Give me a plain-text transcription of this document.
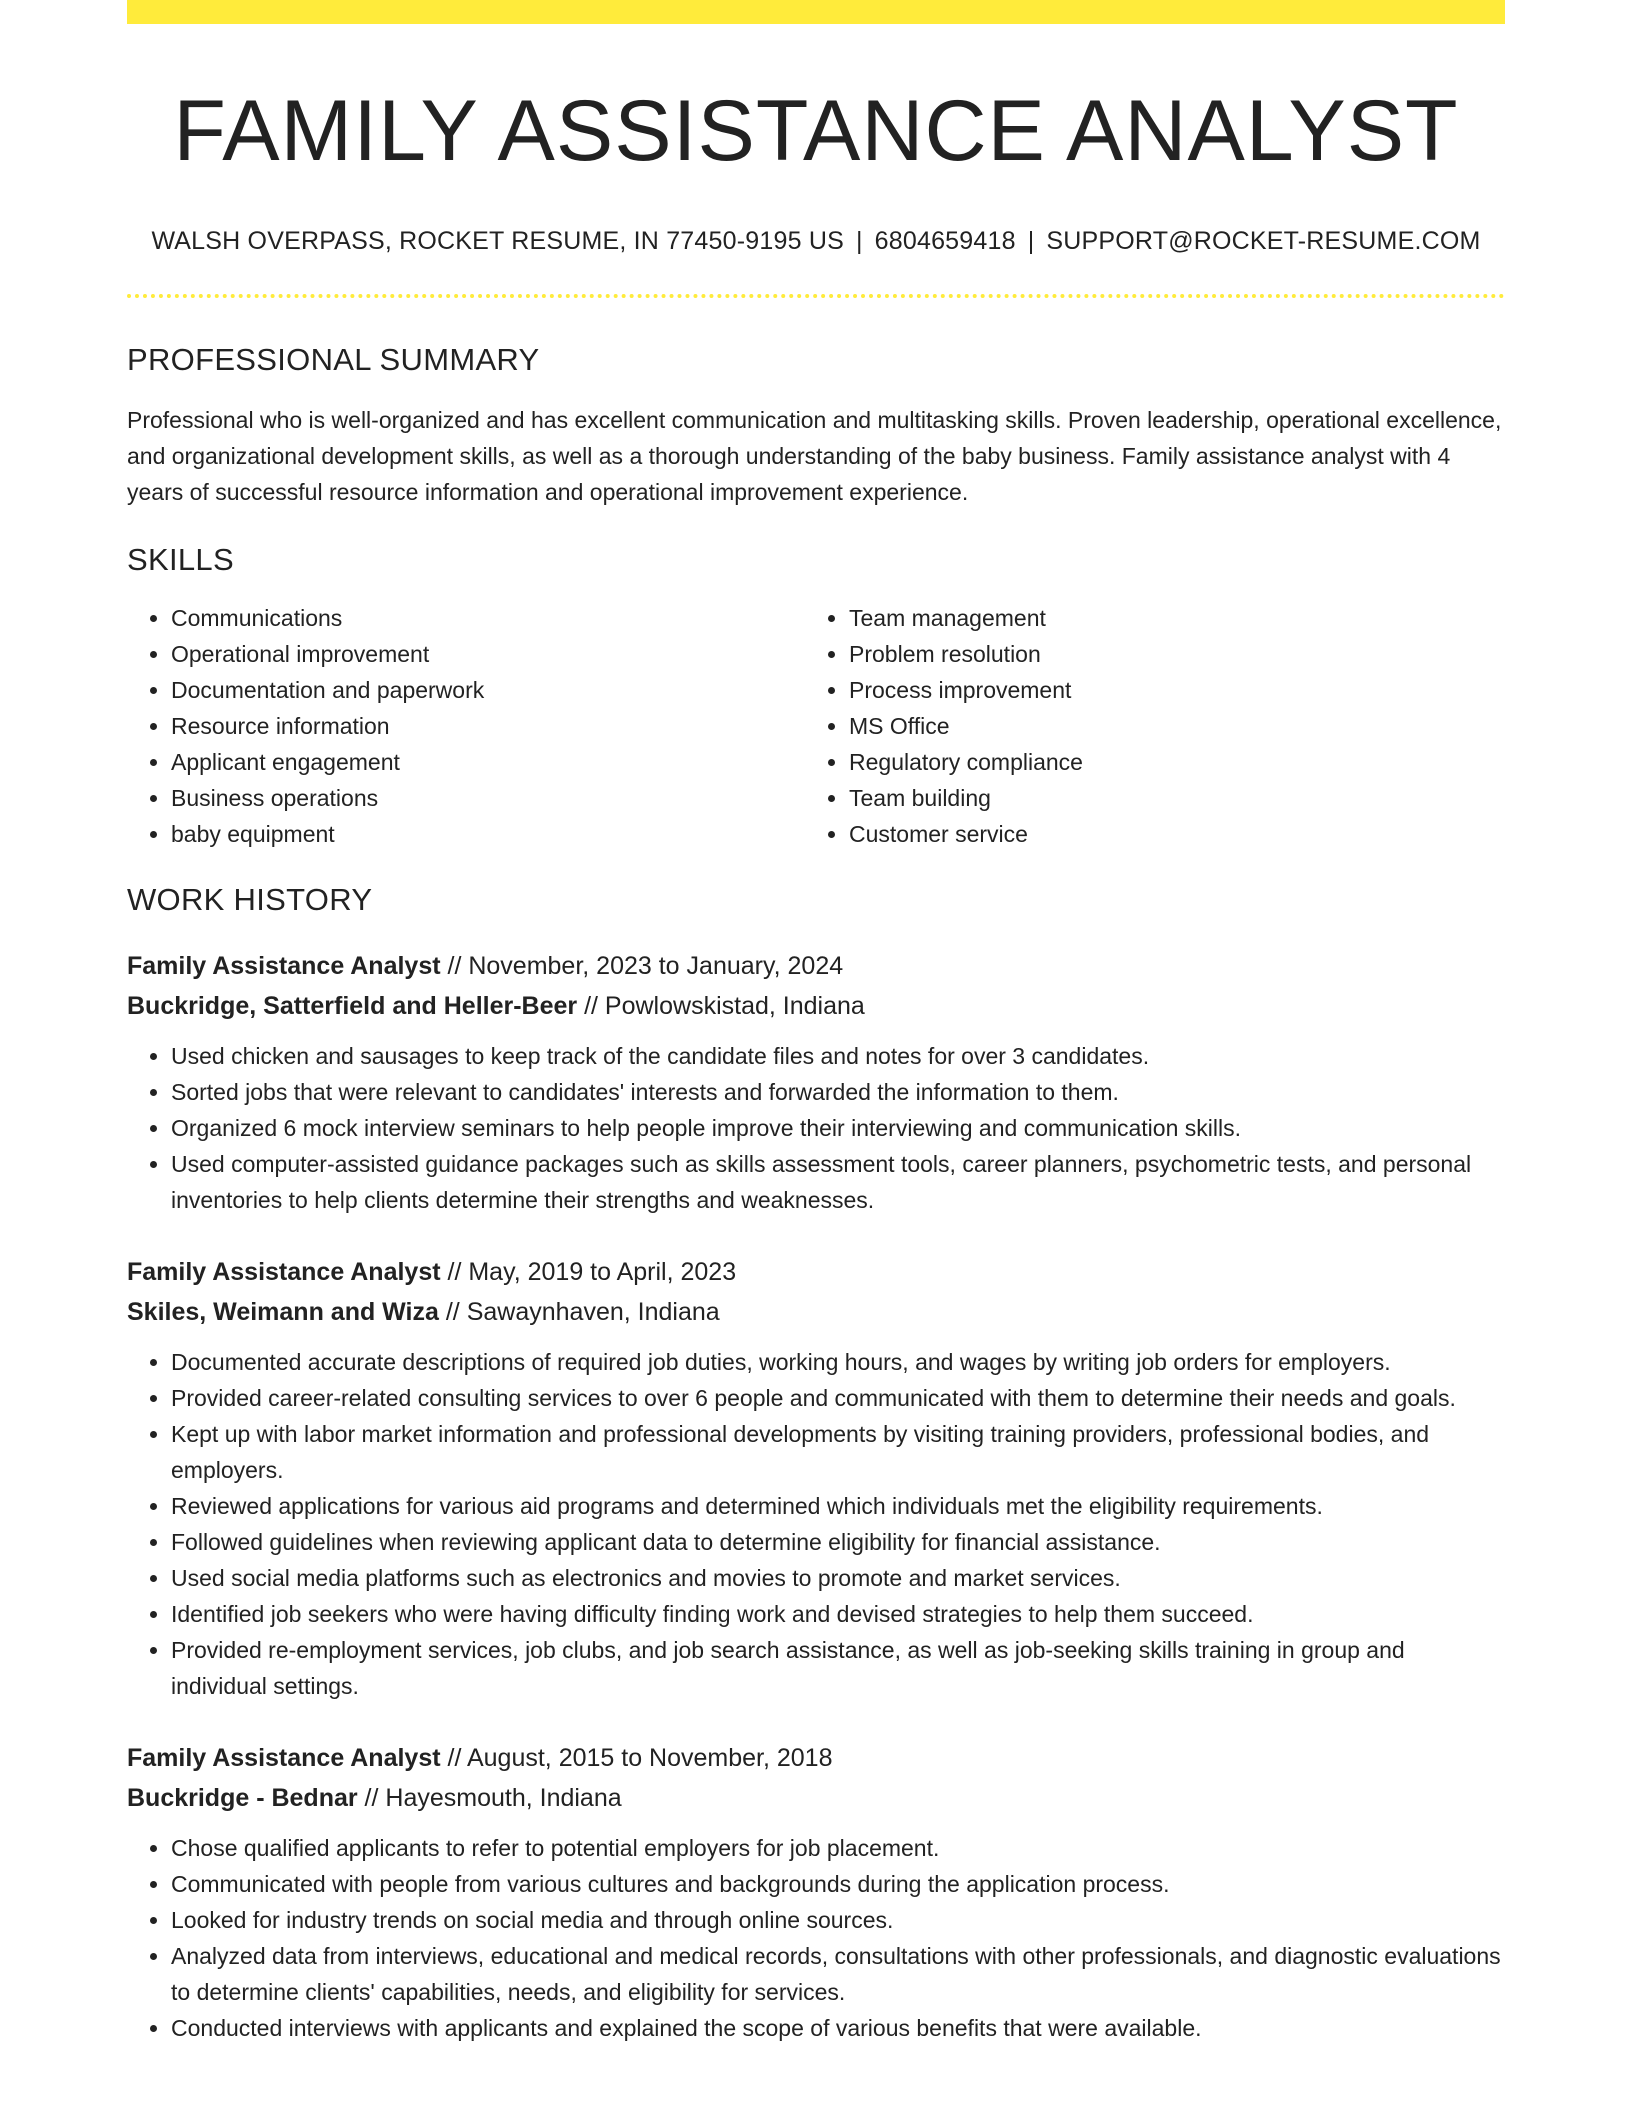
FAMILY ASSISTANCE ANALYST
WALSH OVERPASS, ROCKET RESUME, IN 77450-9195 US | 6804659418 | SUPPORT@ROCKET-RESUME.COM
PROFESSIONAL SUMMARY
Professional who is well-organized and has excellent communication and multitasking skills. Proven leadership, operational excellence, and organizational development skills, as well as a thorough understanding of the baby business. Family assistance analyst with 4 years of successful resource information and operational improvement experience.
SKILLS
• Communications
• Operational improvement
• Documentation and paperwork
• Resource information
• Applicant engagement
• Business operations
• baby equipment
• Team management
• Problem resolution
• Process improvement
• MS Office
• Regulatory compliance
• Team building
• Customer service
WORK HISTORY
Family Assistance Analyst // November, 2023 to January, 2024
Buckridge, Satterfield and Heller-Beer // Powlowskistad, Indiana
• Used chicken and sausages to keep track of the candidate files and notes for over 3 candidates.
• Sorted jobs that were relevant to candidates' interests and forwarded the information to them.
• Organized 6 mock interview seminars to help people improve their interviewing and communication skills.
• Used computer-assisted guidance packages such as skills assessment tools, career planners, psychometric tests, and personal inventories to help clients determine their strengths and weaknesses.
Family Assistance Analyst // May, 2019 to April, 2023
Skiles, Weimann and Wiza // Sawaynhaven, Indiana
• Documented accurate descriptions of required job duties, working hours, and wages by writing job orders for employers.
• Provided career-related consulting services to over 6 people and communicated with them to determine their needs and goals.
• Kept up with labor market information and professional developments by visiting training providers, professional bodies, and employers.
• Reviewed applications for various aid programs and determined which individuals met the eligibility requirements.
• Followed guidelines when reviewing applicant data to determine eligibility for financial assistance.
• Used social media platforms such as electronics and movies to promote and market services.
• Identified job seekers who were having difficulty finding work and devised strategies to help them succeed.
• Provided re-employment services, job clubs, and job search assistance, as well as job-seeking skills training in group and individual settings.
Family Assistance Analyst // August, 2015 to November, 2018
Buckridge - Bednar // Hayesmouth, Indiana
• Chose qualified applicants to refer to potential employers for job placement.
• Communicated with people from various cultures and backgrounds during the application process.
• Looked for industry trends on social media and through online sources.
• Analyzed data from interviews, educational and medical records, consultations with other professionals, and diagnostic evaluations to determine clients' capabilities, needs, and eligibility for services.
• Conducted interviews with applicants and explained the scope of various benefits that were available.
